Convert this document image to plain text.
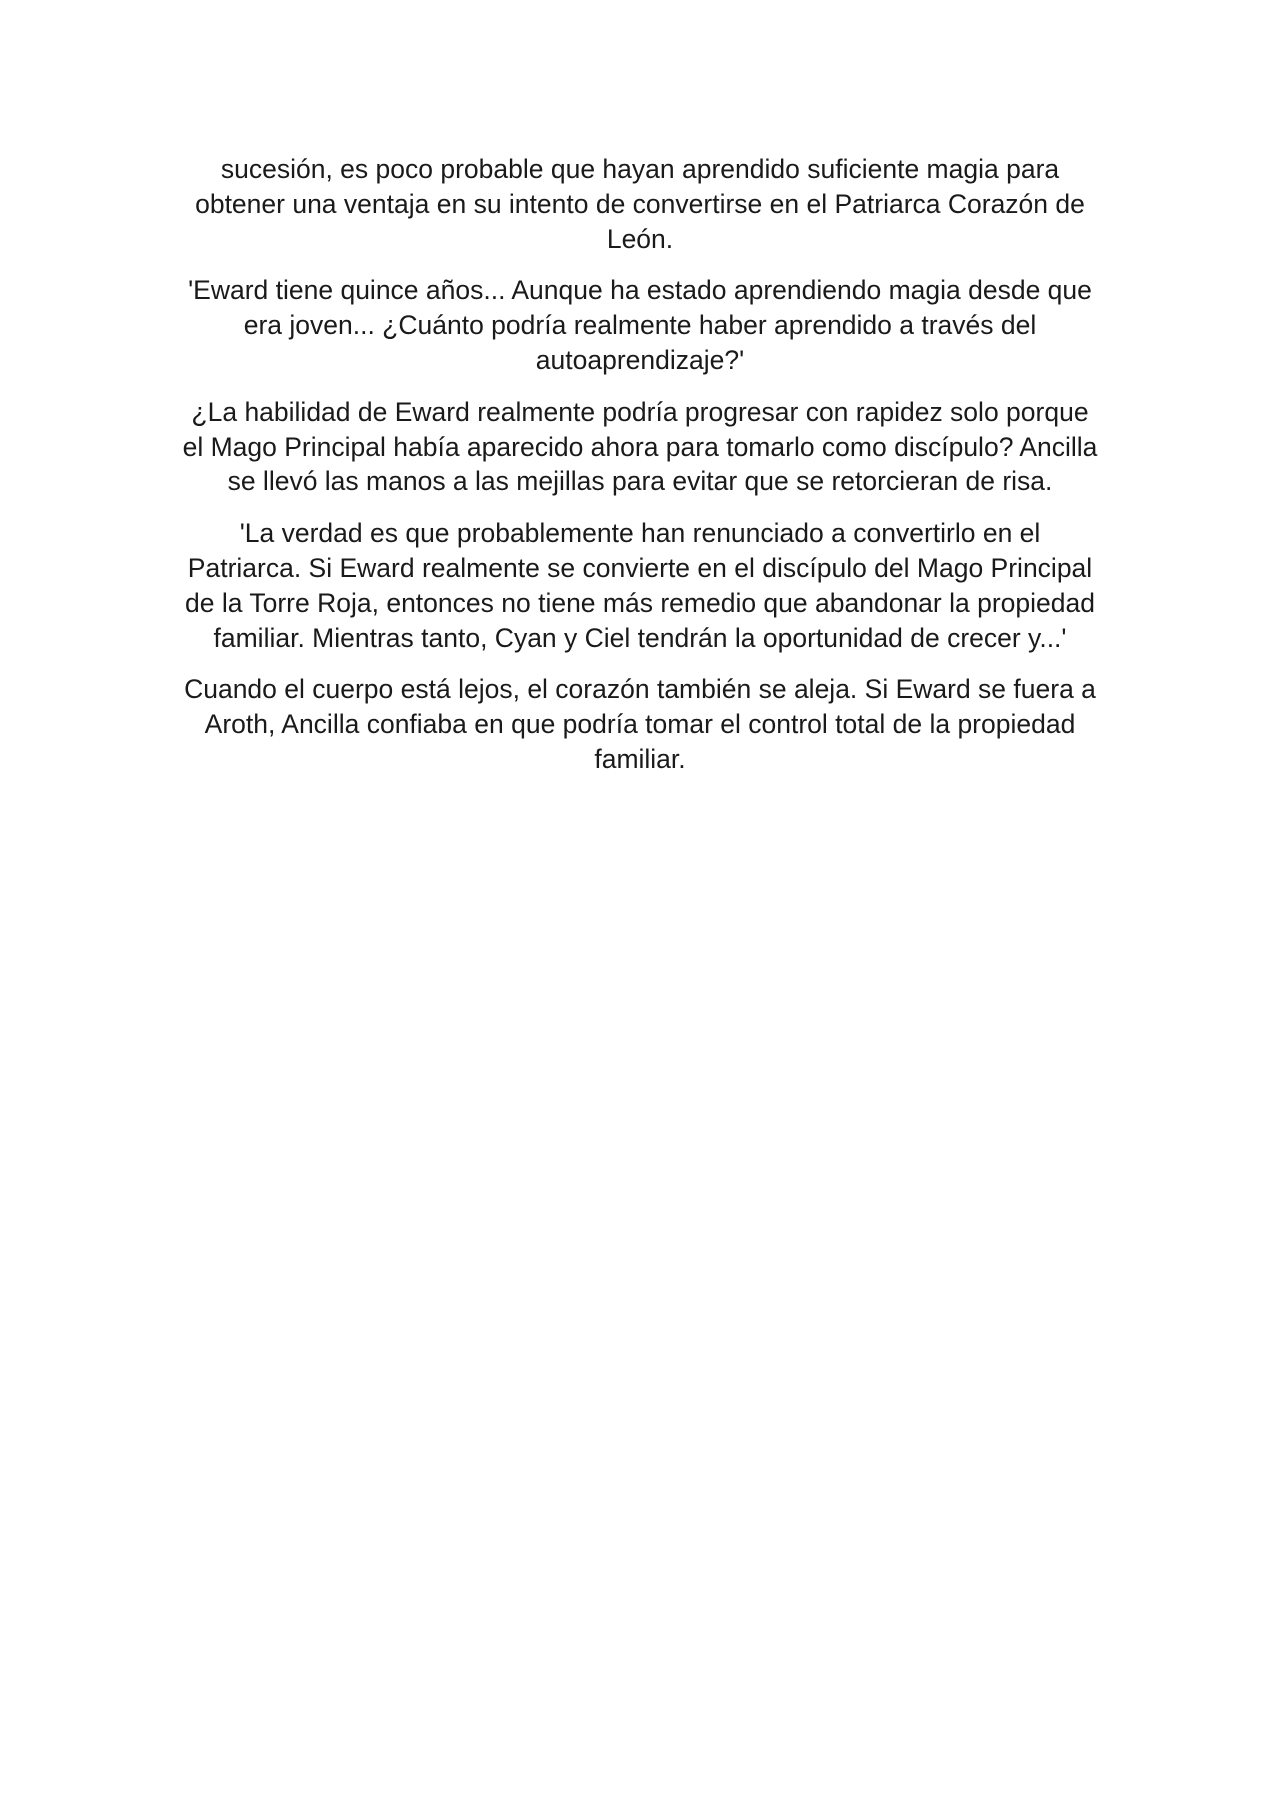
sucesión, es poco probable que hayan aprendido suficiente magia para obtener una ventaja en su intento de convertirse en el Patriarca Corazón de León.

'Eward tiene quince años... Aunque ha estado aprendiendo magia desde que era joven... ¿Cuánto podría realmente haber aprendido a través del autoaprendizaje?'

¿La habilidad de Eward realmente podría progresar con rapidez solo porque el Mago Principal había aparecido ahora para tomarlo como discípulo? Ancilla se llevó las manos a las mejillas para evitar que se retorcieran de risa.

'La verdad es que probablemente han renunciado a convertirlo en el Patriarca. Si Eward realmente se convierte en el discípulo del Mago Principal de la Torre Roja, entonces no tiene más remedio que abandonar la propiedad familiar. Mientras tanto, Cyan y Ciel tendrán la oportunidad de crecer y...'

Cuando el cuerpo está lejos, el corazón también se aleja. Si Eward se fuera a Aroth, Ancilla confiaba en que podría tomar el control total de la propiedad familiar.
